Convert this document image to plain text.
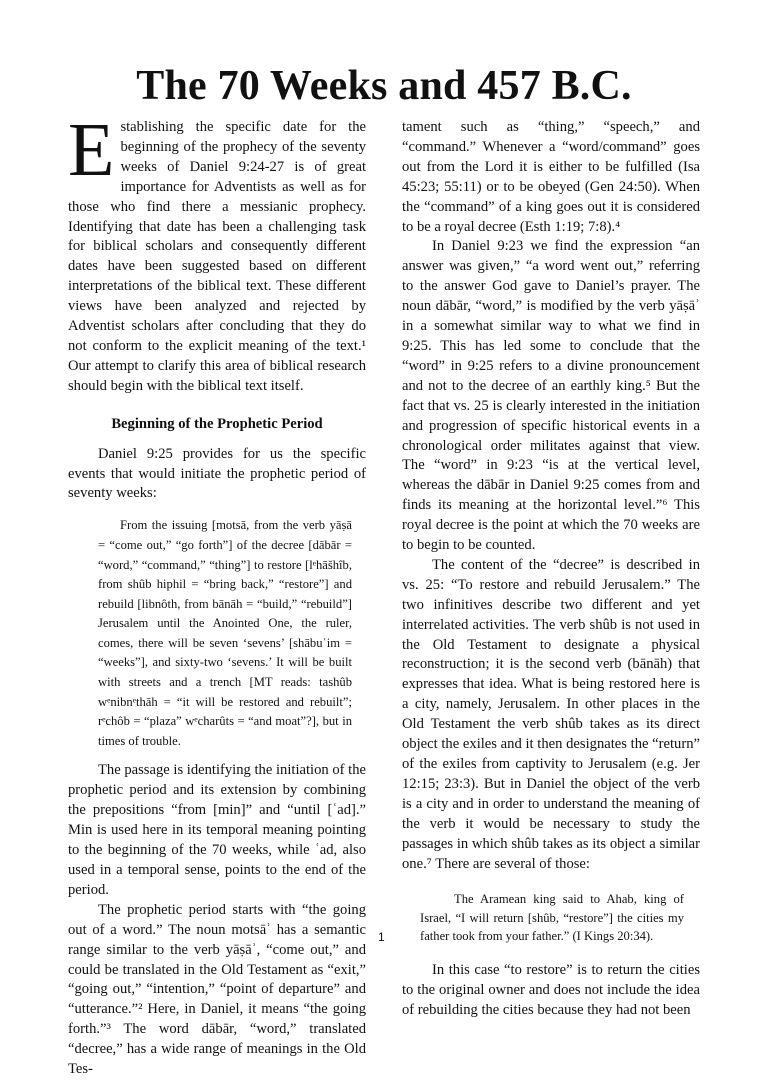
The 70 Weeks and 457 B.C.

Establishing the specific date for the beginning of the prophecy of the seventy weeks of Daniel 9:24-27 is of great importance for Adventists as well as for those who find there a messianic prophecy. Identifying that date has been a challenging task for biblical scholars and consequently different dates have been suggested based on different interpretations of the biblical text. These different views have been analyzed and rejected by Adventist scholars after concluding that they do not conform to the explicit meaning of the text.¹ Our attempt to clarify this area of biblical research should begin with the biblical text itself.

Beginning of the Prophetic Period

Daniel 9:25 provides for us the specific events that would initiate the prophetic period of seventy weeks:

From the issuing [motsā, from the verb yāṣā = “come out,” “go forth”] of the decree [dābār = “word,” “command,” “thing”] to restore [lᵉhāšhîb, from shûb hiphil = “bring back,” “restore”] and rebuild [libnôth, from bānāh = “build,” “rebuild”] Jerusalem until the Anointed One, the ruler, comes, there will be seven ‘sevens’ [shābuʿim = “weeks”], and sixty-two ‘sevens.’ It will be built with streets and a trench [MT reads: tashûb wᵉnibnᵉthāh = “it will be restored and rebuilt”; rᵉchôb = “plaza” wᵉcharûts = “and moat”?], but in times of trouble.

The passage is identifying the initiation of the prophetic period and its extension by combining the prepositions “from [min]” and “until [ʿad].” Min is used here in its temporal meaning pointing to the beginning of the 70 weeks, while ʿad, also used in a temporal sense, points to the end of the period.

The prophetic period starts with “the going out of a word.” The noun motsāʾ has a semantic range similar to the verb yāṣāʾ, “come out,” and could be translated in the Old Testament as “exit,” “going out,” “intention,” “point of departure” and “utterance.”² Here, in Daniel, it means “the going forth.”³ The word dābār, “word,” translated “decree,” has a wide range of meanings in the Old Tes-

tament such as “thing,” “speech,” and “command.” Whenever a “word/command” goes out from the Lord it is either to be fulfilled (Isa 45:23; 55:11) or to be obeyed (Gen 24:50). When the “command” of a king goes out it is considered to be a royal decree (Esth 1:19; 7:8).⁴

In Daniel 9:23 we find the expression “an answer was given,” “a word went out,” referring to the answer God gave to Daniel’s prayer. The noun dābār, “word,” is modified by the verb yāṣāʾ in a somewhat similar way to what we find in 9:25. This has led some to conclude that the “word” in 9:25 refers to a divine pronouncement and not to the decree of an earthly king.⁵ But the fact that vs. 25 is clearly interested in the initiation and progression of specific historical events in a chronological order militates against that view. The “word” in 9:23 “is at the vertical level, whereas the dābār in Daniel 9:25 comes from and finds its meaning at the horizontal level.”⁶ This royal decree is the point at which the 70 weeks are to begin to be counted.

The content of the “decree” is described in vs. 25: “To restore and rebuild Jerusalem.” The two infinitives describe two different and yet interrelated activities. The verb shûb is not used in the Old Testament to designate a physical reconstruction; it is the second verb (bānāh) that expresses that idea. What is being restored here is a city, namely, Jerusalem. In other places in the Old Testament the verb shûb takes as its direct object the exiles and it then designates the “return” of the exiles from captivity to Jerusalem (e.g. Jer 12:15; 23:3). But in Daniel the object of the verb is a city and in order to understand the meaning of the verb it would be necessary to study the passages in which shûb takes as its object a similar one.⁷ There are several of those:

The Aramean king said to Ahab, king of Israel, “I will return [shûb, “restore”] the cities my father took from your father.” (I Kings 20:34).

In this case “to restore” is to return the cities to the original owner and does not include the idea of rebuilding the cities because they had not been

1
